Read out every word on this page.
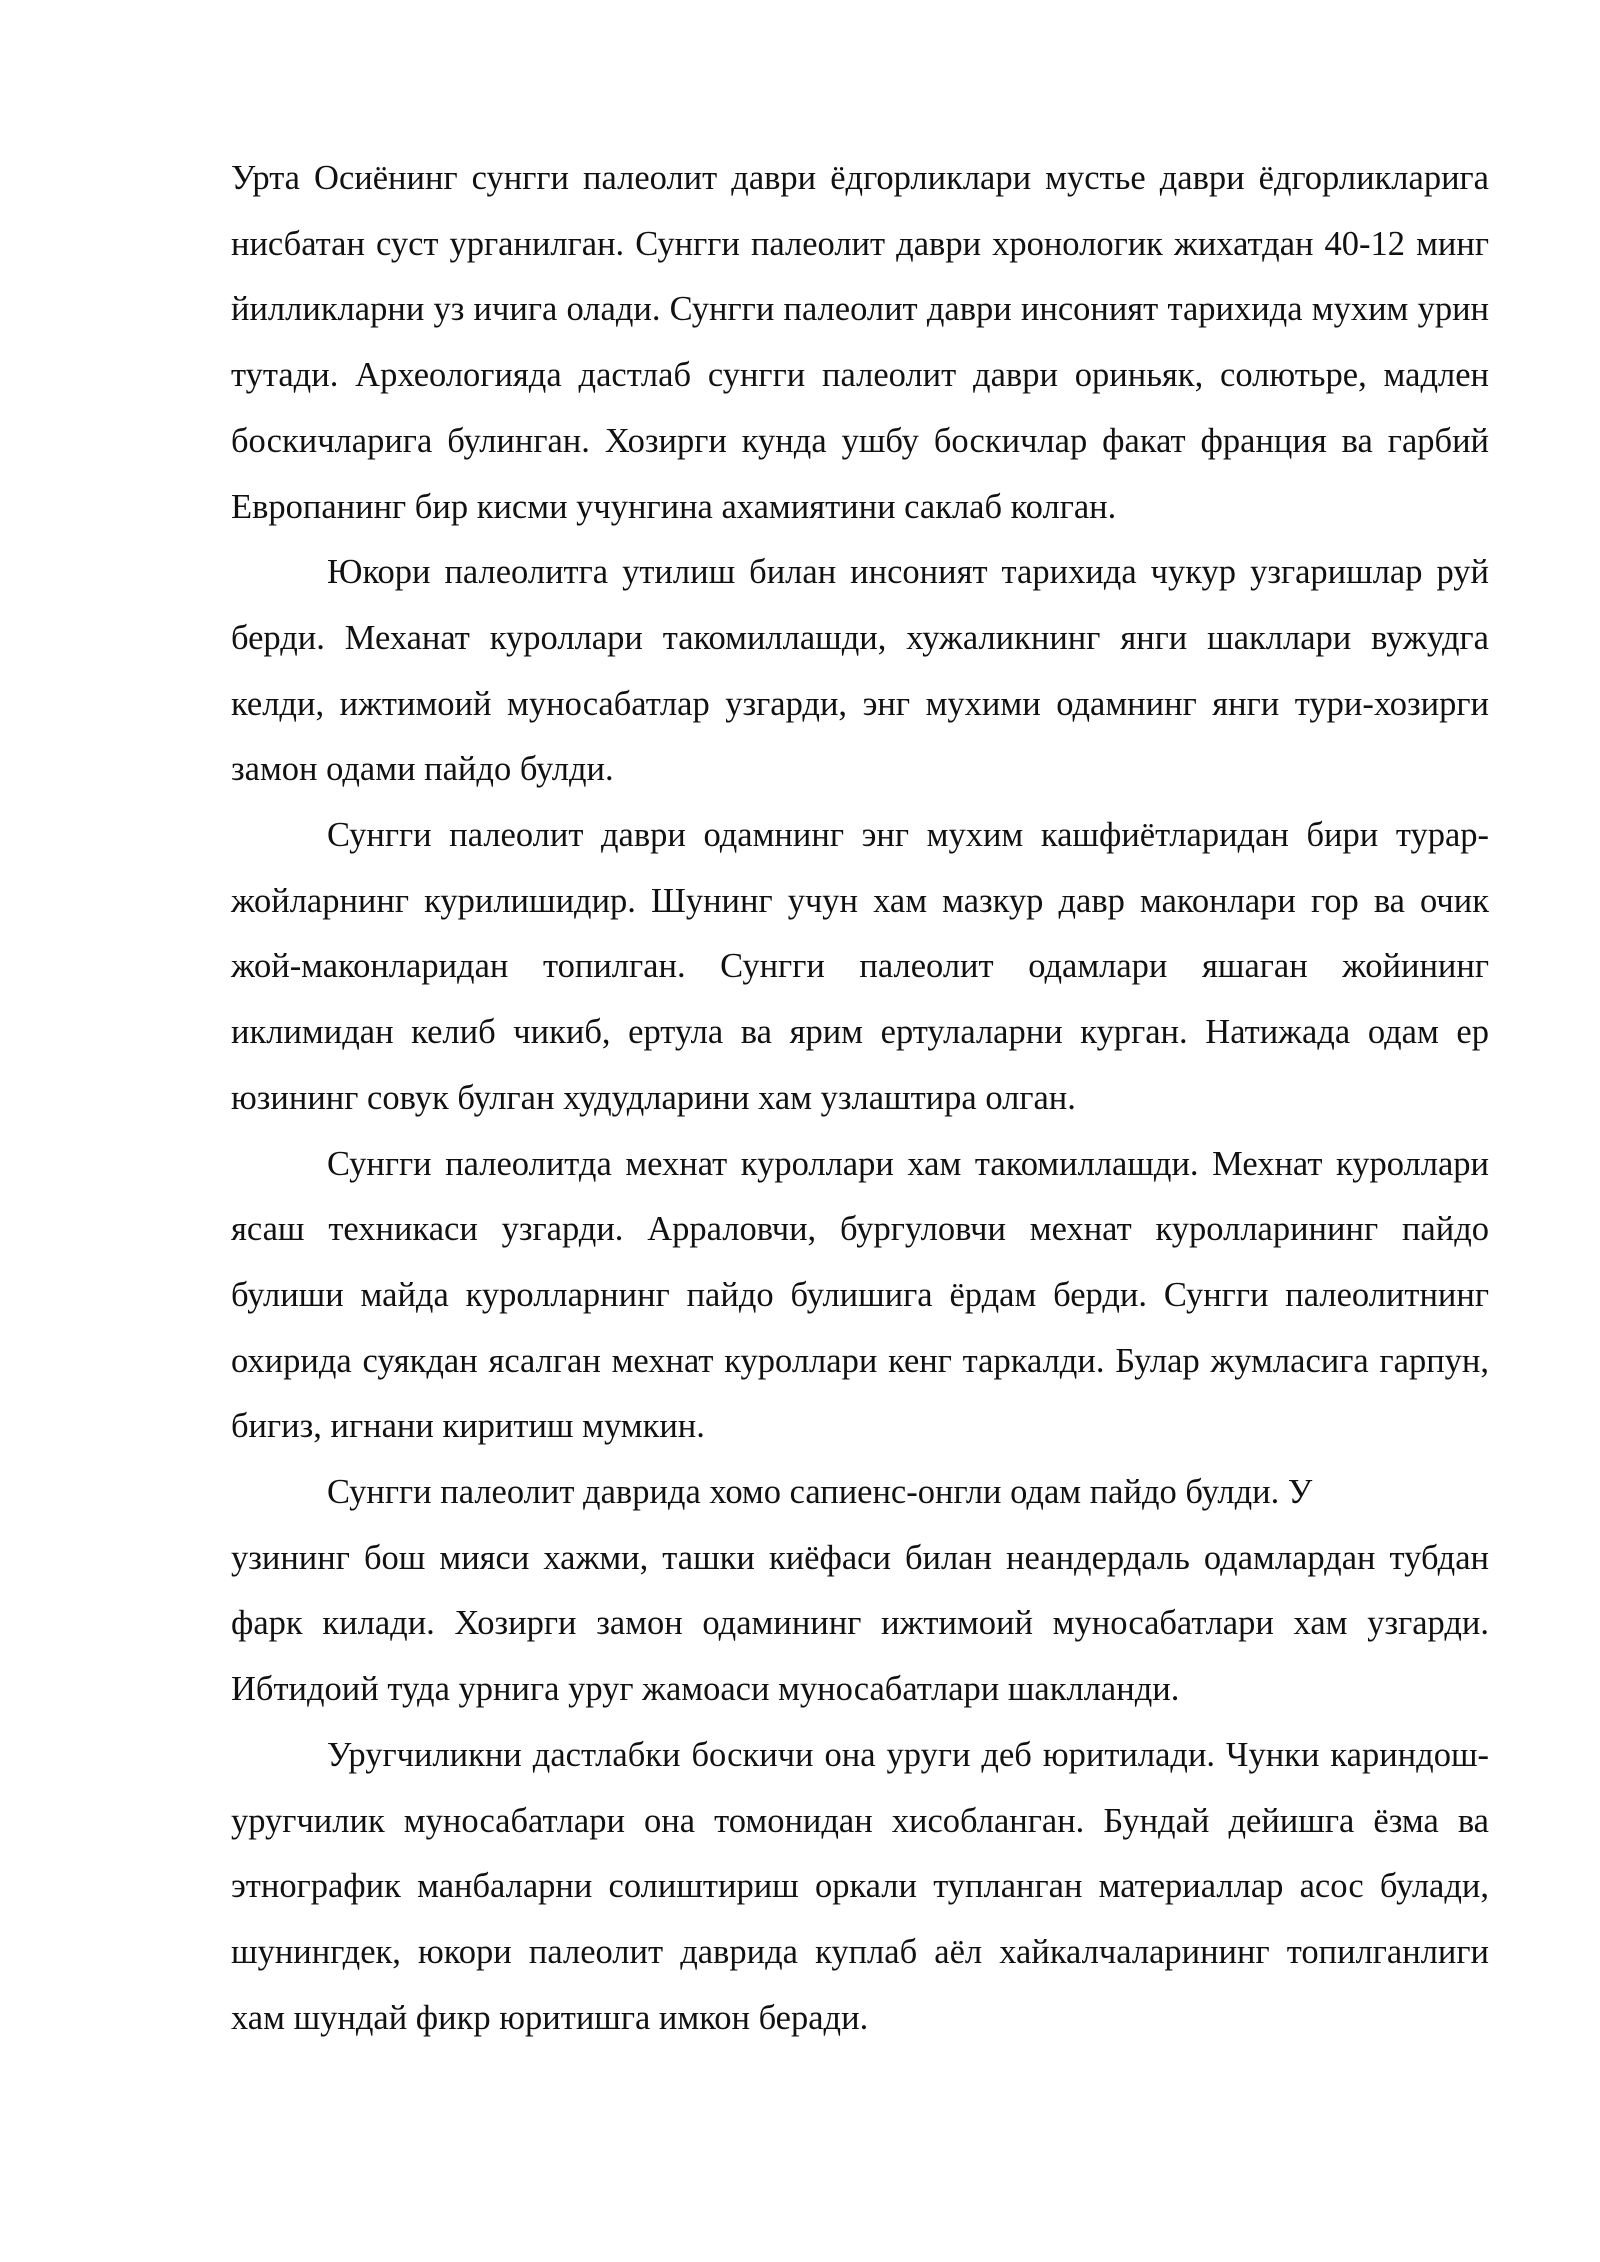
Урта Осиёнинг сунгги палеолит даври ёдгорликлари мустье даври ёдгорликларига нисбатан суст урганилган. Сунгги палеолит даври хронологик жихатдан 40-12 минг йилликларни уз ичига олади. Сунгги палеолит даври инсоният тарихида мухим урин тутади. Археологияда дастлаб сунгги палеолит даври ориньяк, солютьре, мадлен боскичларига булинган. Хозирги кунда ушбу боскичлар факат франция ва гарбий Европанинг бир кисми учунгина ахамиятини саклаб колган.

Юкори палеолитга утилиш билан инсоният тарихида чукур узгаришлар руй берди. Механат куроллари такомиллашди, хужаликнинг янги шакллари вужудга келди, ижтимоий муносабатлар узгарди, энг мухими одамнинг янги тури-хозирги замон одами пайдо булди.

Сунгги палеолит даври одамнинг энг мухим кашфиётларидан бири турар-жойларнинг курилишидир. Шунинг учун хам мазкур давр маконлари гор ва очик жой-маконларидан топилган. Сунгги палеолит одамлари яшаган жойининг иклимидан келиб чикиб, ертула ва ярим ертулаларни курган. Натижада одам ер юзининг совук булган худудларини хам узлаштира олган.

Сунгги палеолитда мехнат куроллари хам такомиллашди. Мехнат куроллари ясаш техникаси узгарди. Арраловчи, бургуловчи мехнат куролларининг пайдо булиши майда куролларнинг пайдо булишига ёрдам берди. Сунгги палеолитнинг охирида суякдан ясалган мехнат куроллари кенг таркалди. Булар жумласига гарпун, бигиз, игнани киритиш мумкин.

Сунгги палеолит даврида хомо сапиенс-онгли одам пайдо булди. У
узининг бош мияси хажми, ташки киёфаси билан неандердаль одамлардан тубдан фарк килади. Хозирги замон одамининг ижтимоий муносабатлари хам узгарди. Ибтидоий туда урнига уруг жамоаси муносабатлари шаклланди.

Уругчиликни дастлабки боскичи она уруги деб юритилади. Чунки кариндош-уругчилик муносабатлари она томонидан хисобланган. Бундай дейишга ёзма ва этнографик манбаларни солиштириш оркали тупланган материаллар асос булади, шунингдек, юкори палеолит даврида куплаб аёл хайкалчаларининг топилганлиги хам шундай фикр юритишга имкон беради.
